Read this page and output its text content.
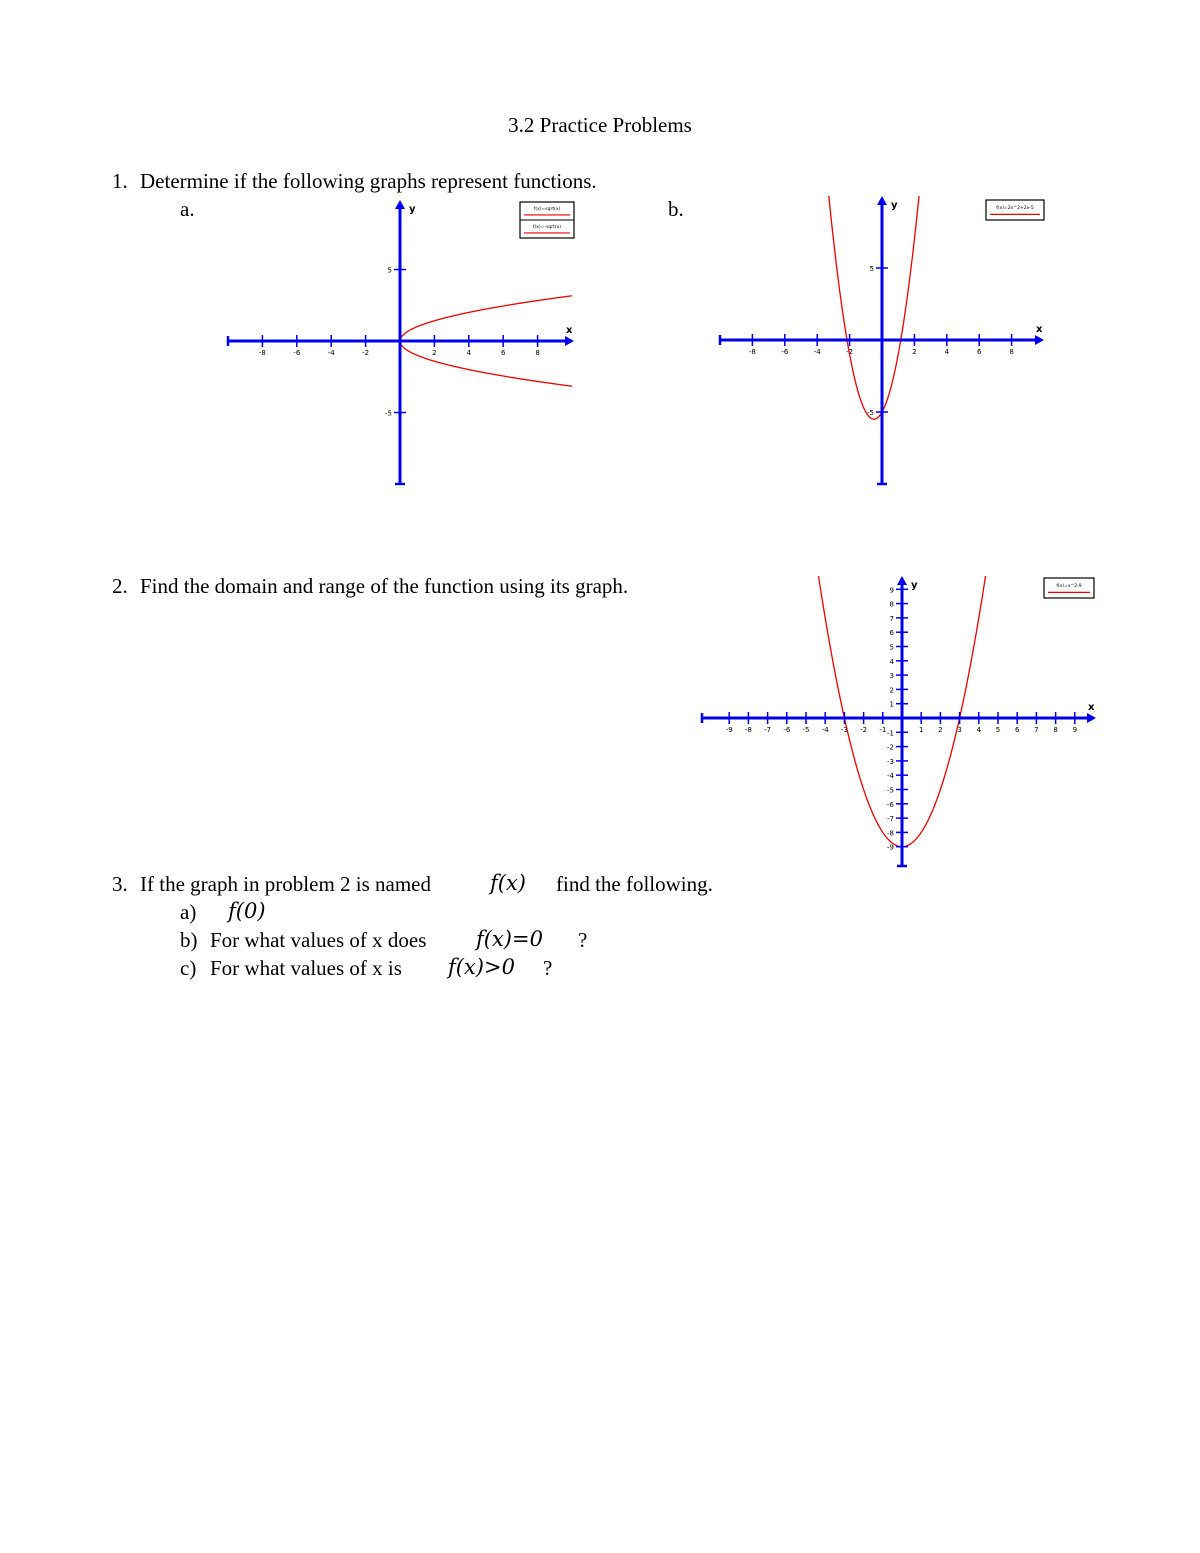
3.2 Practice Problems
1. Determine if the following graphs represent functions.
a.	b.
x
y
-8	-6	-4	-2	2	4	6	8
5
-5
f(x)=sqrt(x)
f(x)=-sqrt(x)
x
y
-8	-6	-4	-2	2	4	6	8
5
-5
f(x)=2x^2+2x-5
2. Find the domain and range of the function using its graph.
x
y
-9 -8 -7 -6 -5 -4 -3 -2 -1	1 2 3 4 5 6 7 8 9
9
8
7
6
5
4
3
2
1
-1
-2
-3
-4
-5
-6
-7
-8
-9
f(x)=x^2-9
3. If the graph in problem 2 is named	f(x) find the following.
a) f(0)
b) For what values of x does f(x)=0 ?
c) For what values of x is f(x)>0 ?
